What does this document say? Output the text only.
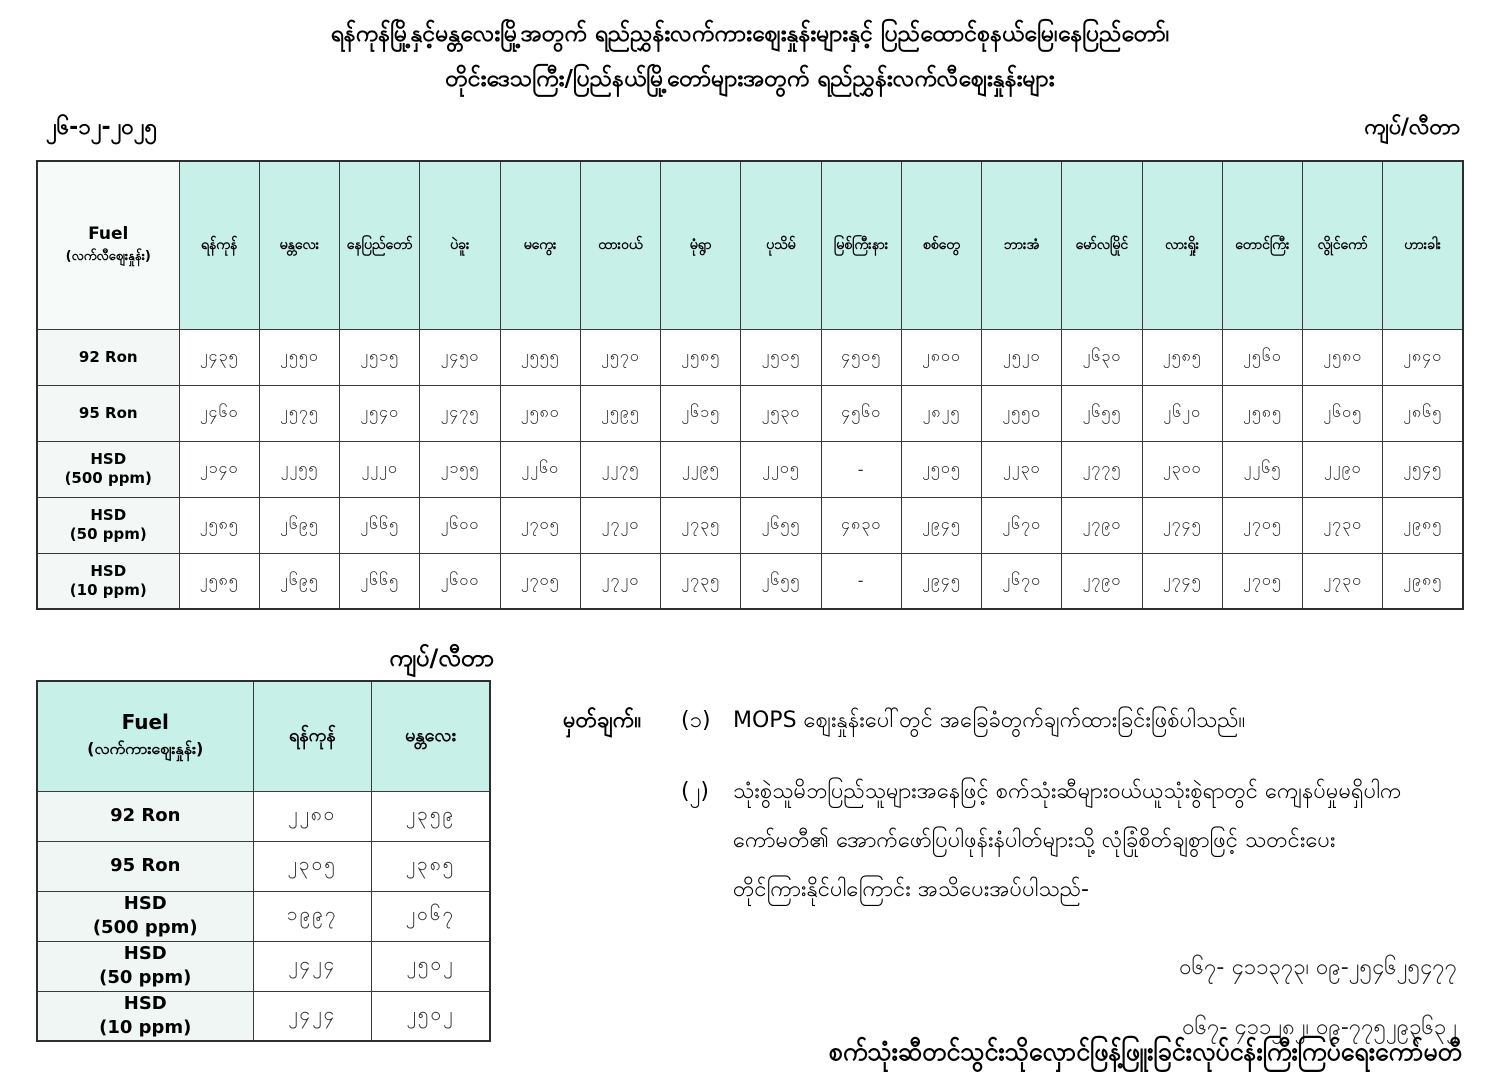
ရန်ကုန်မြို့နှင့်မန္တလေးမြို့အတွက် ရည်ညွှန်းလက်ကားဈေးနှုန်းများနှင့် ပြည်ထောင်စုနယ်မြေ၊နေပြည်တော်၊
တိုင်းဒေသကြီး/ပြည်နယ်မြို့တော်များအတွက် ရည်ညွှန်းလက်လီဈေးနှုန်းများ
၂၆-၁၂-၂၀၂၅	ကျပ်/လီတာ
Fuel
(လက်လီဈေးနှုန်း)	ရန်ကုန်	မန္တလေး	နေပြည်တော်	ပဲခူး	မကွေး	ထားဝယ်	မုံရွာ	ပုသိမ်	မြစ်ကြီးနား	စစ်တွေ	ဘားအံ	မော်လမြိုင်	လားရှိုး	တောင်ကြီး	လွိုင်ကော်	ဟားခါး

92 Ron	၂၄၃၅	၂၅၅၀	၂၅၁၅	၂၄၅၀	၂၅၅၅	၂၅၇၀	၂၅၈၅	၂၅၀၅	၄၅၀၅	၂၈၀၀	၂၅၂၀	၂၆၃၀	၂၅၈၅	၂၅၆၀	၂၅၈၀	၂၈၄၀

95 Ron	၂၄၆၀	၂၅၇၅	၂၅၄၀	၂၄၇၅	၂၅၈၀	၂၅၉၅	၂၆၁၅	၂၅၃၀	၄၅၆၀	၂၈၂၅	၂၅၅၀	၂၆၅၅	၂၆၂၀	၂၅၈၅	၂၆၀၅	၂၈၆၅

HSD
(500 ppm)	၂၁၄၀	၂၂၅၅	၂၂၂၀	၂၁၅၅	၂၂၆၀	၂၂၇၅	၂၂၉၅	၂၂၀၅	-	၂၅၀၅	၂၂၃၀	၂၇၇၅	၂၃၀၀	၂၂၆၅	၂၂၉၀	၂၅၄၅

HSD
(50 ppm)	၂၅၈၅	၂၆၉၅	၂၆၆၅	၂၆၀၀	၂၇၀၅	၂၇၂၀	၂၇၃၅	၂၆၅၅	၄၈၃၀	၂၉၄၅	၂၆၇၀	၂၇၉၀	၂၇၄၅	၂၇၀၅	၂၇၃၀	၂၉၈၅

HSD
(10 ppm)	၂၅၈၅	၂၆၉၅	၂၆၆၅	၂၆၀၀	၂၇၀၅	၂၇၂၀	၂၇၃၅	၂၆၅၅	-	၂၉၄၅	၂၆၇၀	၂၇၉၀	၂၇၄၅	၂၇၀၅	၂၇၃၀	၂၉၈၅
ကျပ်/လီတာ
Fuel
(လက်ကားဈေးနှုန်း)	ရန်ကုန်	မန္တလေး

92 Ron	၂၂၈၀	၂၃၅၉

95 Ron	၂၃၀၅	၂၃၈၅

HSD
(500 ppm)	၁၉၉၇	၂၀၆၇

HSD
(50 ppm)	၂၄၂၄	၂၅၀၂

HSD
(10 ppm)	၂၄၂၄	၂၅၀၂
မှတ်ချက်။	(၁)	MOPS ဈေးနှုန်းပေါ်တွင် အခြေခံတွက်ချက်ထားခြင်းဖြစ်ပါသည်။
(၂)	သုံးစွဲသူမိဘပြည်သူများအနေဖြင့် စက်သုံးဆီများဝယ်ယူသုံးစွဲရာတွင် ကျေနပ်မှုမရှိပါက
ကော်မတီ၏ အောက်ဖော်ပြပါဖုန်းနံပါတ်များသို့ လုံခြုံစိတ်ချစွာဖြင့် သတင်းပေး
တိုင်ကြားနိုင်ပါကြောင်း အသိပေးအပ်ပါသည်-
၀၆၇- ၄၁၁၃၇၃၊ ၀၉-၂၅၄၆၂၅၄၇၇
၀၆၇- ၄၁၁၂၈၂၊ ၀၉-၇၇၅၂၉၃၆၃၂
စက်သုံးဆီတင်သွင်းသိုလှောင်ဖြန့်ဖြူးခြင်းလုပ်ငန်းကြီးကြပ်ရေးကော်မတီ
